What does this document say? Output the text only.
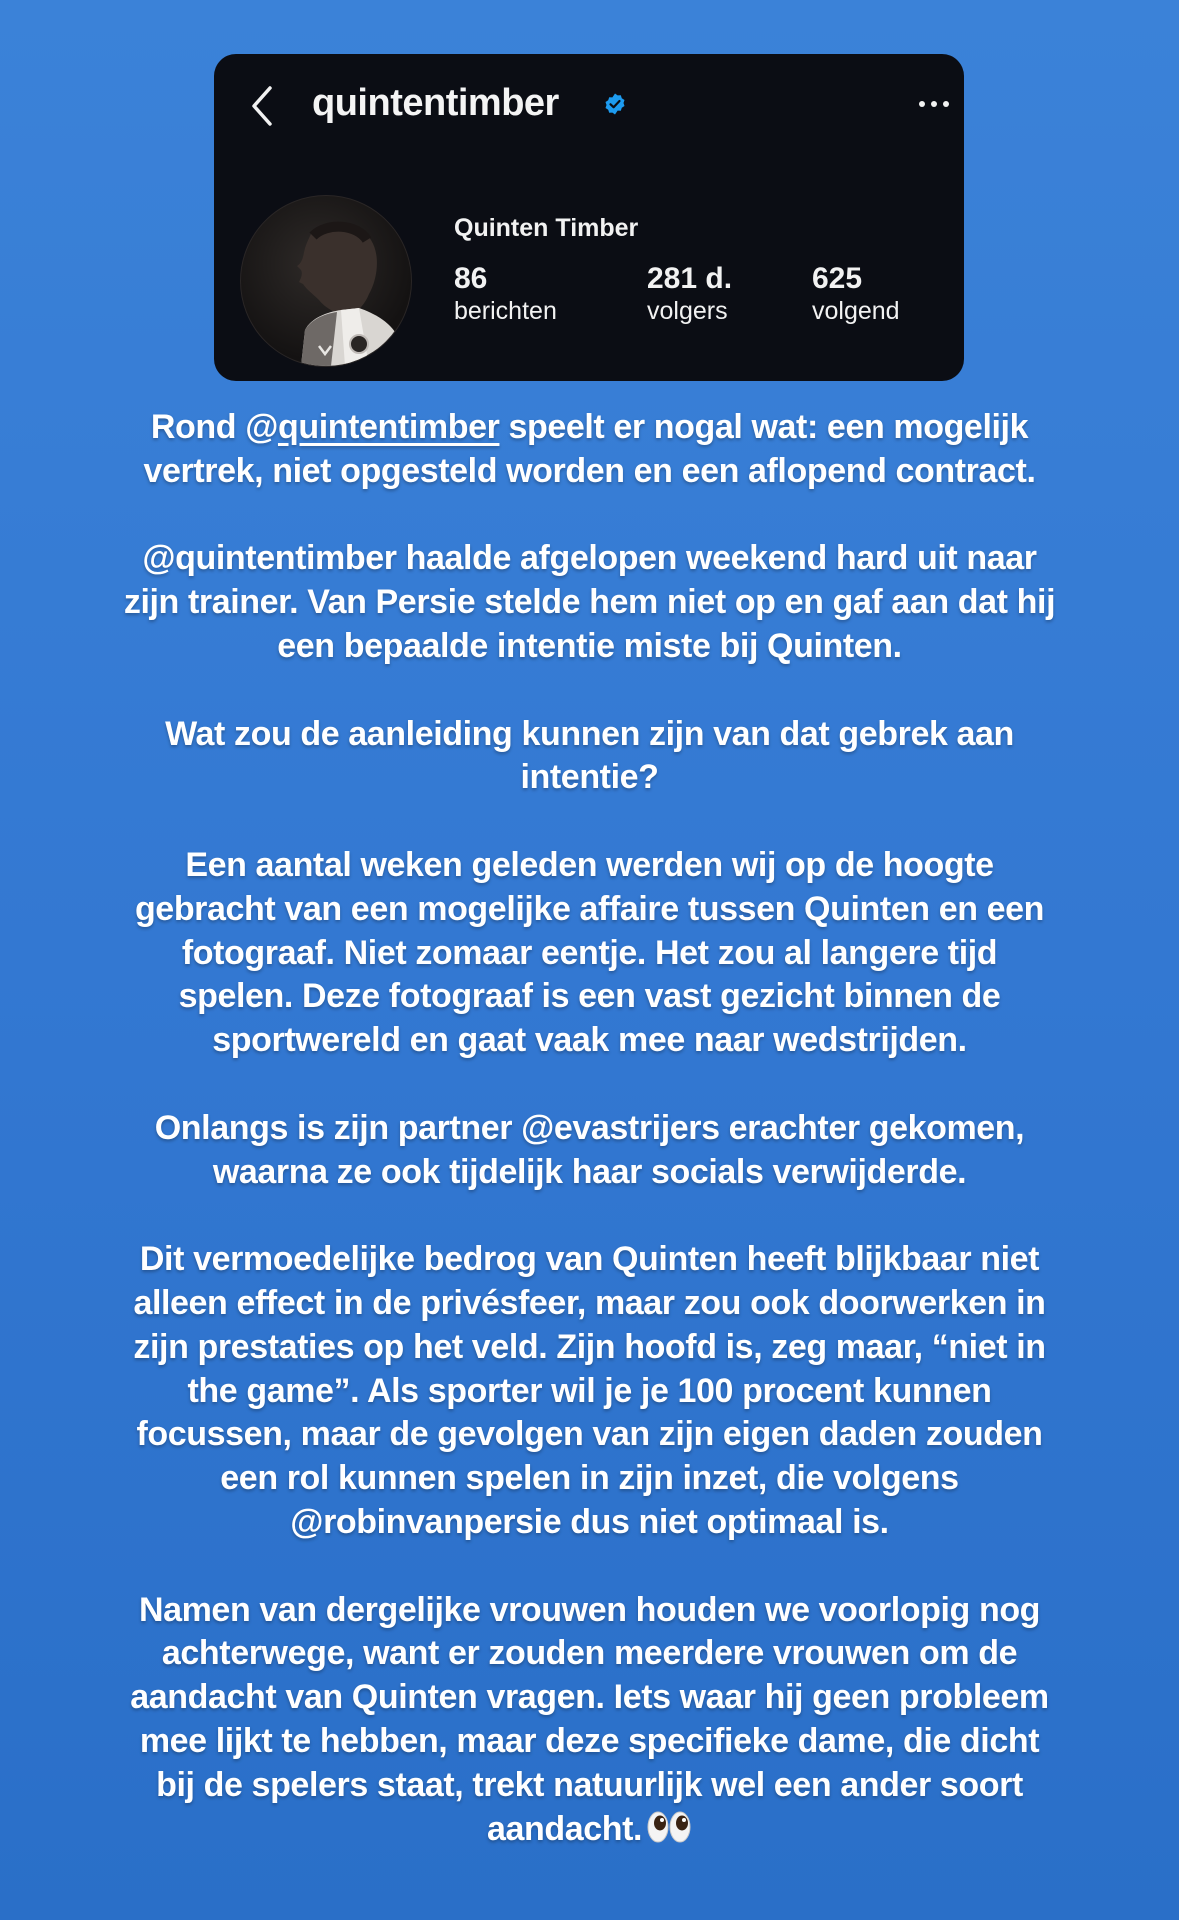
quintentimber
Quinten Timber
86
berichten
281 d.
volgers
625
volgend
Rond @quintentimber speelt er nogal wat: een mogelijk
vertrek, niet opgesteld worden en een aflopend contract.
@quintentimber haalde afgelopen weekend hard uit naar
zijn trainer. Van Persie stelde hem niet op en gaf aan dat hij
een bepaalde intentie miste bij Quinten.
Wat zou de aanleiding kunnen zijn van dat gebrek aan
intentie?
Een aantal weken geleden werden wij op de hoogte
gebracht van een mogelijke affaire tussen Quinten en een
fotograaf. Niet zomaar eentje. Het zou al langere tijd
spelen. Deze fotograaf is een vast gezicht binnen de
sportwereld en gaat vaak mee naar wedstrijden.
Onlangs is zijn partner @evastrijers erachter gekomen,
waarna ze ook tijdelijk haar socials verwijderde.
Dit vermoedelijke bedrog van Quinten heeft blijkbaar niet
alleen effect in de privésfeer, maar zou ook doorwerken in
zijn prestaties op het veld. Zijn hoofd is, zeg maar, “niet in
the game”. Als sporter wil je je 100 procent kunnen
focussen, maar de gevolgen van zijn eigen daden zouden
een rol kunnen spelen in zijn inzet, die volgens
@robinvanpersie dus niet optimaal is.
Namen van dergelijke vrouwen houden we voorlopig nog
achterwege, want er zouden meerdere vrouwen om de
aandacht van Quinten vragen. Iets waar hij geen probleem
mee lijkt te hebben, maar deze specifieke dame, die dicht
bij de spelers staat, trekt natuurlijk wel een ander soort
aandacht.
